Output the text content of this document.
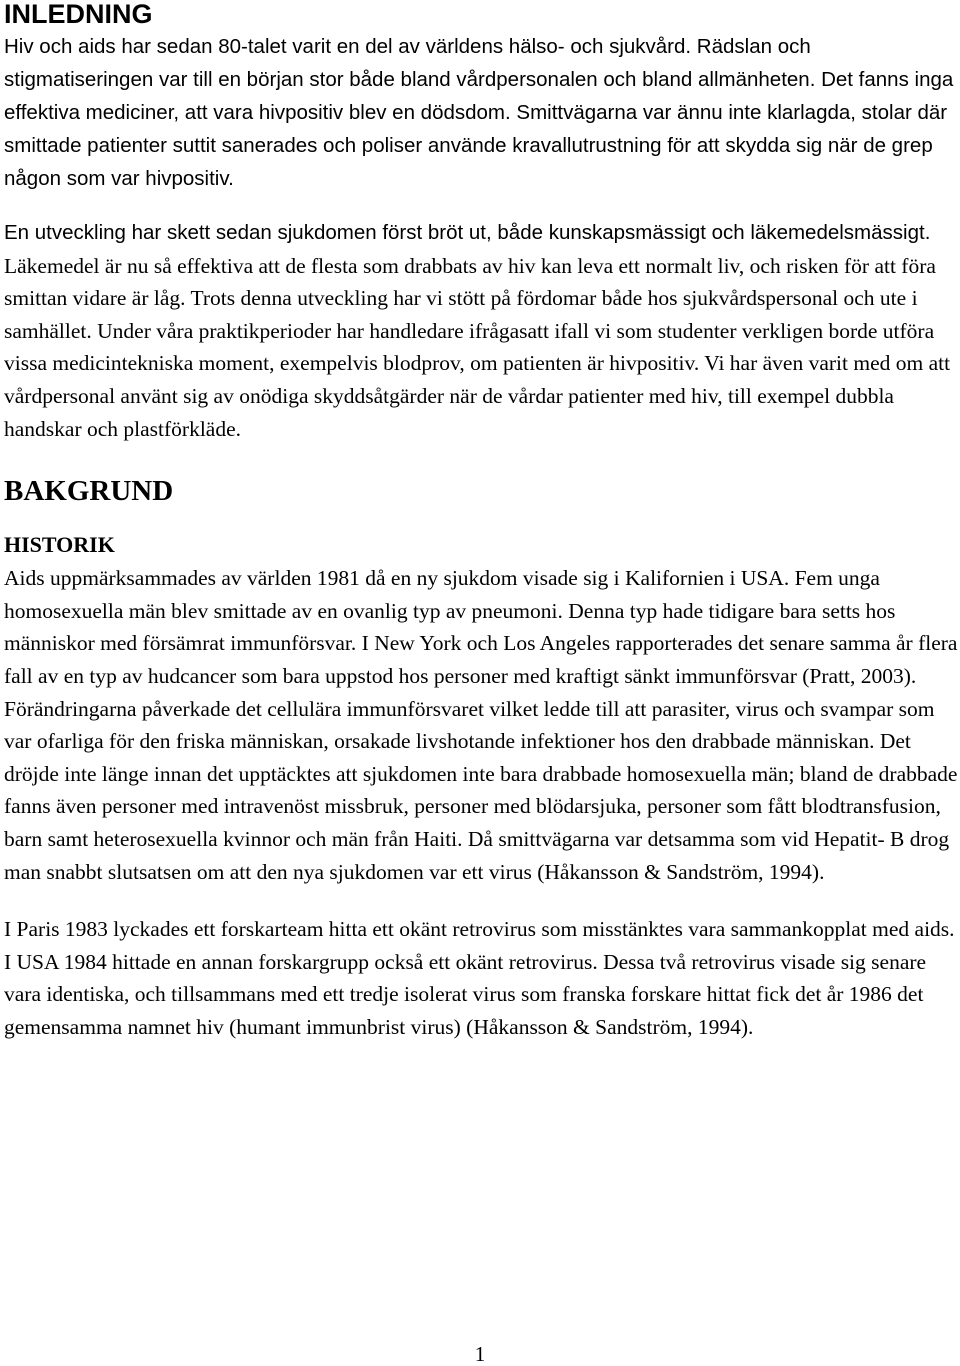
INLEDNING

Hiv och aids har sedan 80-talet varit en del av världens hälso- och sjukvård. Rädslan och stigmatiseringen var till en början stor både bland vårdpersonalen och bland allmänheten. Det fanns inga effektiva mediciner, att vara hivpositiv blev en dödsdom. Smittvägarna var ännu inte klarlagda, stolar där smittade patienter suttit sanerades och poliser använde kravallutrustning för att skydda sig när de grep någon som var hivpositiv.

En utveckling har skett sedan sjukdomen först bröt ut, både kunskapsmässigt och läkemedelsmässigt. Läkemedel är nu så effektiva att de flesta som drabbats av hiv kan leva ett normalt liv, och risken för att föra smittan vidare är låg. Trots denna utveckling har vi stött på fördomar både hos sjukvårdspersonal och ute i samhället. Under våra praktikperioder har handledare ifrågasatt ifall vi som studenter verkligen borde utföra vissa medicintekniska moment, exempelvis blodprov, om patienten är hivpositiv. Vi har även varit med om att vårdpersonal använt sig av onödiga skyddsåtgärder när de vårdar patienter med hiv, till exempel dubbla handskar och plastförkläde.

BAKGRUND
HISTORIK

Aids uppmärksammades av världen 1981 då en ny sjukdom visade sig i Kalifornien i USA. Fem unga homosexuella män blev smittade av en ovanlig typ av pneumoni. Denna typ hade tidigare bara setts hos människor med försämrat immunförsvar. I New York och Los Angeles rapporterades det senare samma år flera fall av en typ av hudcancer som bara uppstod hos personer med kraftigt sänkt immunförsvar (Pratt, 2003). Förändringarna påverkade det cellulära immunförsvaret vilket ledde till att parasiter, virus och svampar som var ofarliga för den friska människan, orsakade livshotande infektioner hos den drabbade människan. Det dröjde inte länge innan det upptäcktes att sjukdomen inte bara drabbade homosexuella män; bland de drabbade fanns även personer med intravenöst missbruk, personer med blödarsjuka, personer som fått blodtransfusion, barn samt heterosexuella kvinnor och män från Haiti. Då smittvägarna var detsamma som vid Hepatit- B drog man snabbt slutsatsen om att den nya sjukdomen var ett virus (Håkansson & Sandström, 1994).

I Paris 1983 lyckades ett forskarteam hitta ett okänt retrovirus som misstänktes vara sammankopplat med aids. I USA 1984 hittade en annan forskargrupp också ett okänt retrovirus. Dessa två retrovirus visade sig senare vara identiska, och tillsammans med ett tredje isolerat virus som franska forskare hittat fick det år 1986 det gemensamma namnet hiv (humant immunbrist virus) (Håkansson & Sandström, 1994).

1
